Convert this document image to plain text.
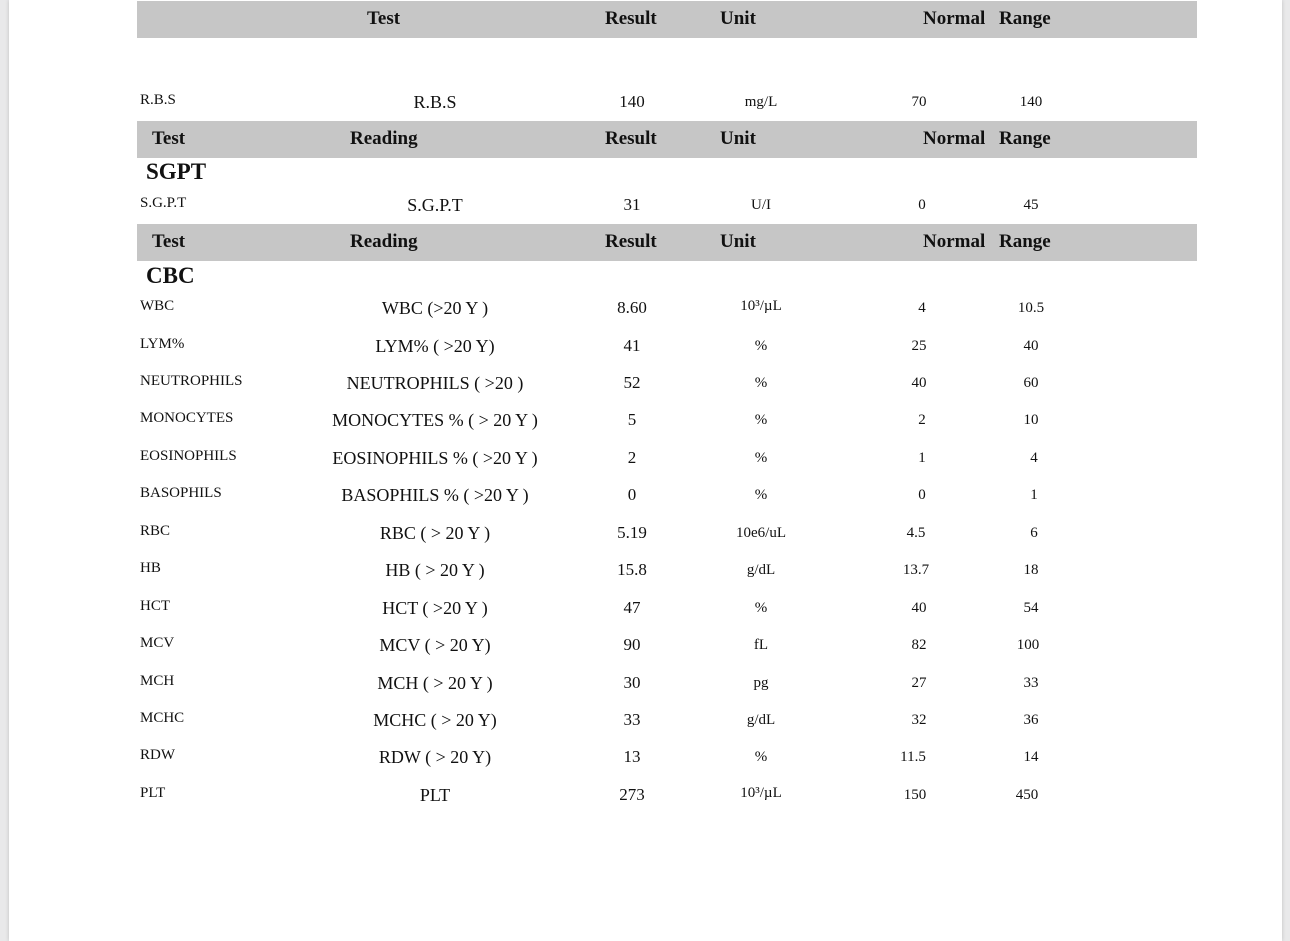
Test	Result	Unit	Normal Range
R.B.S	R.B.S	140	mg/L	70	140
Test	Reading	Result	Unit	Normal Range
SGPT
S.G.P.T	S.G.P.T	31	U/I	0	45
Test	Reading	Result	Unit	Normal Range
CBC
WBC	WBC (>20 Y )	8.60	10³/µL	4	10.5
LYM%	LYM% ( >20 Y)	41	%	25	40
NEUTROPHILS	NEUTROPHILS ( >20 )	52	%	40	60
MONOCYTES	MONOCYTES % ( > 20 Y )	5	%	2	10
EOSINOPHILS	EOSINOPHILS % ( >20 Y )	2	%	1	4
BASOPHILS	BASOPHILS % ( >20 Y )	0	%	0	1
RBC	RBC ( > 20 Y )	5.19	10e6/uL	4.5	6
HB	HB ( > 20 Y )	15.8	g/dL	13.7	18
HCT	HCT ( >20 Y )	47	%	40	54
MCV	MCV ( > 20 Y)	90	fL	82	100
MCH	MCH ( > 20 Y )	30	pg	27	33
MCHC	MCHC ( > 20 Y)	33	g/dL	32	36
RDW	RDW ( > 20 Y)	13	%	11.5	14
PLT	PLT	273	10³/µL	150	450
